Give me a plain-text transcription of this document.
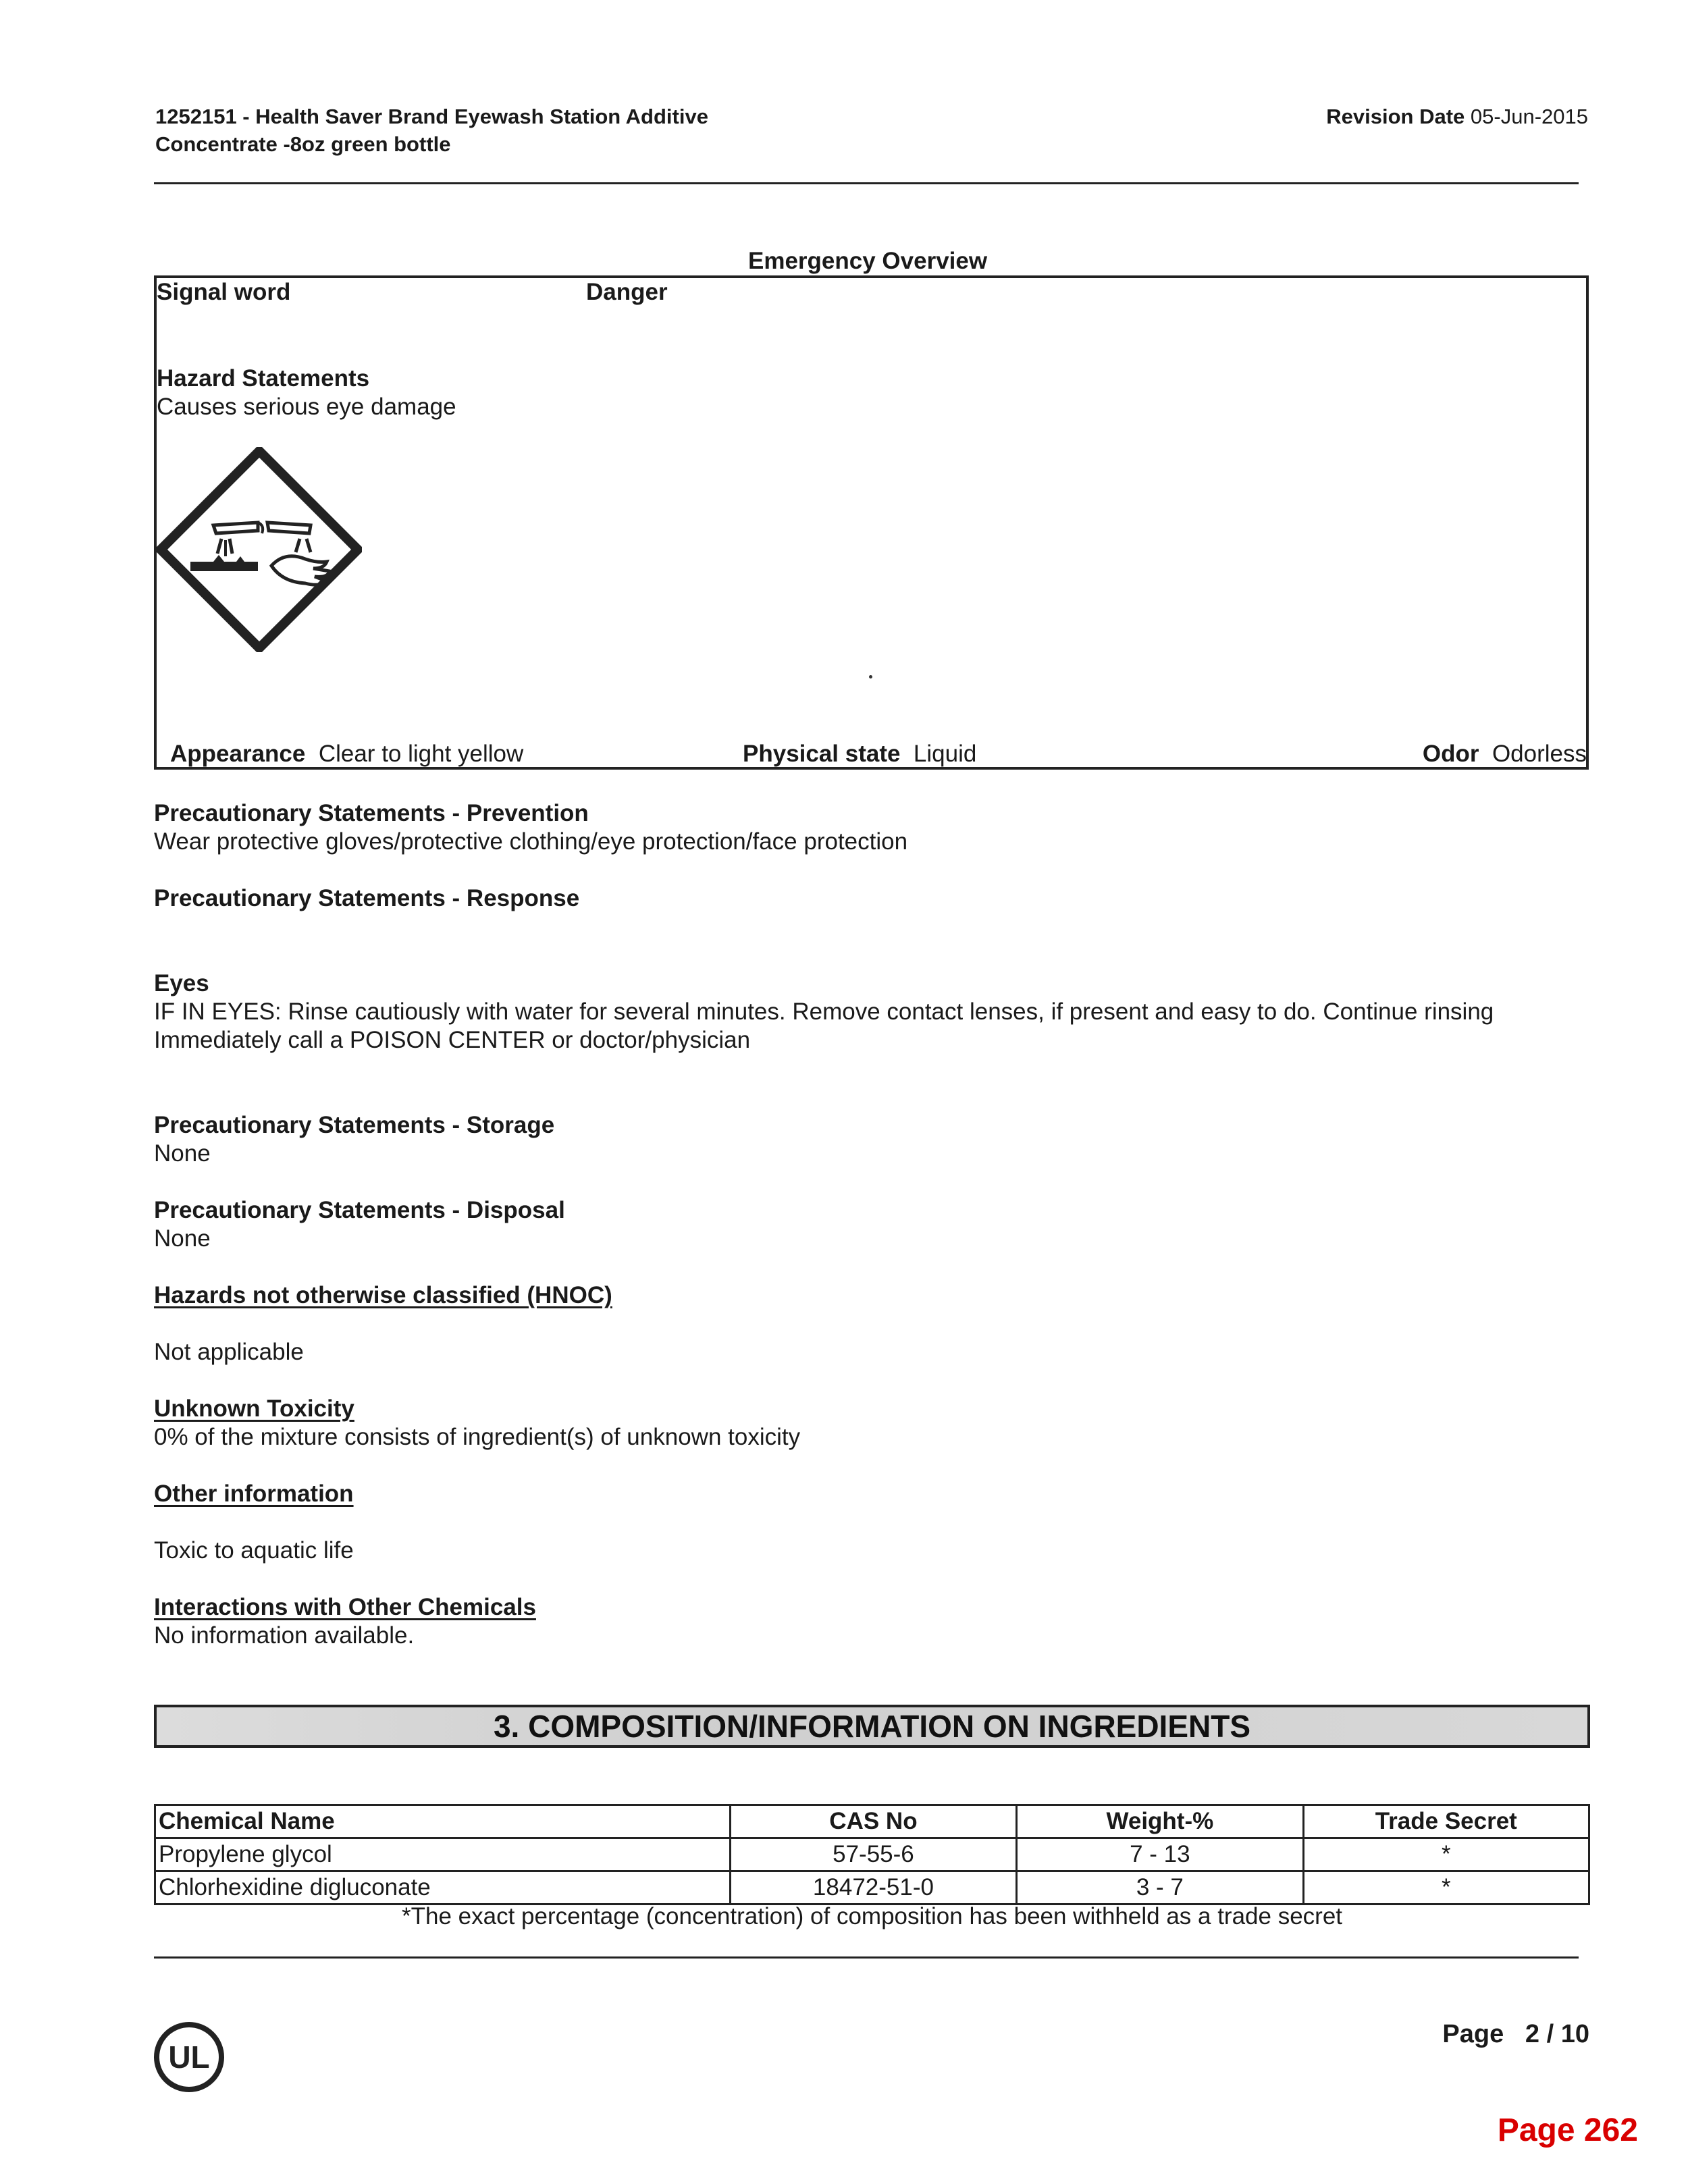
1252151 - Health Saver Brand Eyewash Station Additive
Concentrate -8oz green bottle
Revision Date 05-Jun-2015
Emergency Overview
Signal word	Danger
Hazard Statements
Causes serious eye damage
Appearance Clear to light yellow	Physical state Liquid	Odor Odorless
Precautionary Statements - Prevention
Wear protective gloves/protective clothing/eye protection/face protection
Precautionary Statements - Response
Eyes
IF IN EYES: Rinse cautiously with water for several minutes. Remove contact lenses, if present and easy to do. Continue rinsing
Immediately call a POISON CENTER or doctor/physician
Precautionary Statements - Storage
None
Precautionary Statements - Disposal
None
Hazards not otherwise classified (HNOC)
Not applicable
Unknown Toxicity
0% of the mixture consists of ingredient(s) of unknown toxicity
Other information
Toxic to aquatic life
Interactions with Other Chemicals
No information available.
3. COMPOSITION/INFORMATION ON INGREDIENTS
Chemical Name	CAS No	Weight-%	Trade Secret
Propylene glycol	57-55-6	7 - 13	*
Chlorhexidine digluconate	18472-51-0	3 - 7	*
*The exact percentage (concentration) of composition has been withheld as a trade secret
UL
Page 2 / 10
Page 262
